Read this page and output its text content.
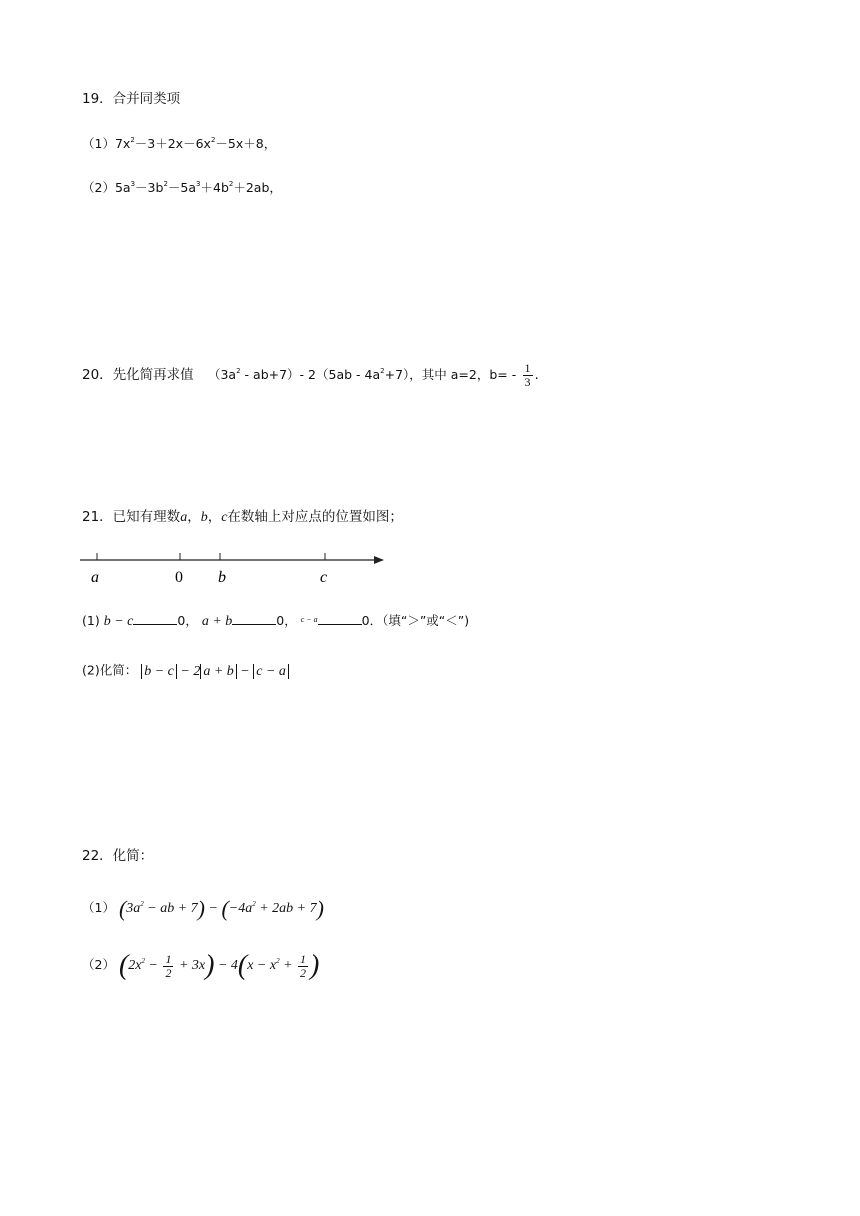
19．合并同类项
$(1)7x^2-3+2x-6x^2-5x+8$，
$(2)5a^3-3b^2-5a^3+4b^2+2ab$，
20．先化简再求值 $(3a^2 - ab+7)-$ $2(5ab - 4a^2+7)$，其中 a=2，$b= - \frac{1}{3}$ .
21．已知有理数a，b，c在数轴上对应点的位置如图；
a	0 b	c
(1) b − c	0， a + b	0， $^{c - a}$	0．（填“＞”或“＜”)
(2)化简： b − c − 2 a + b − c − a
22．化简：
（1） ($3a^2$ − ab + $7) - (-4a^2 + 2ab + 7)$
（2） $(2x^2 - \frac{1}{2} + 3x) - 4(x - x^2 + \frac{1}{2}$ )
